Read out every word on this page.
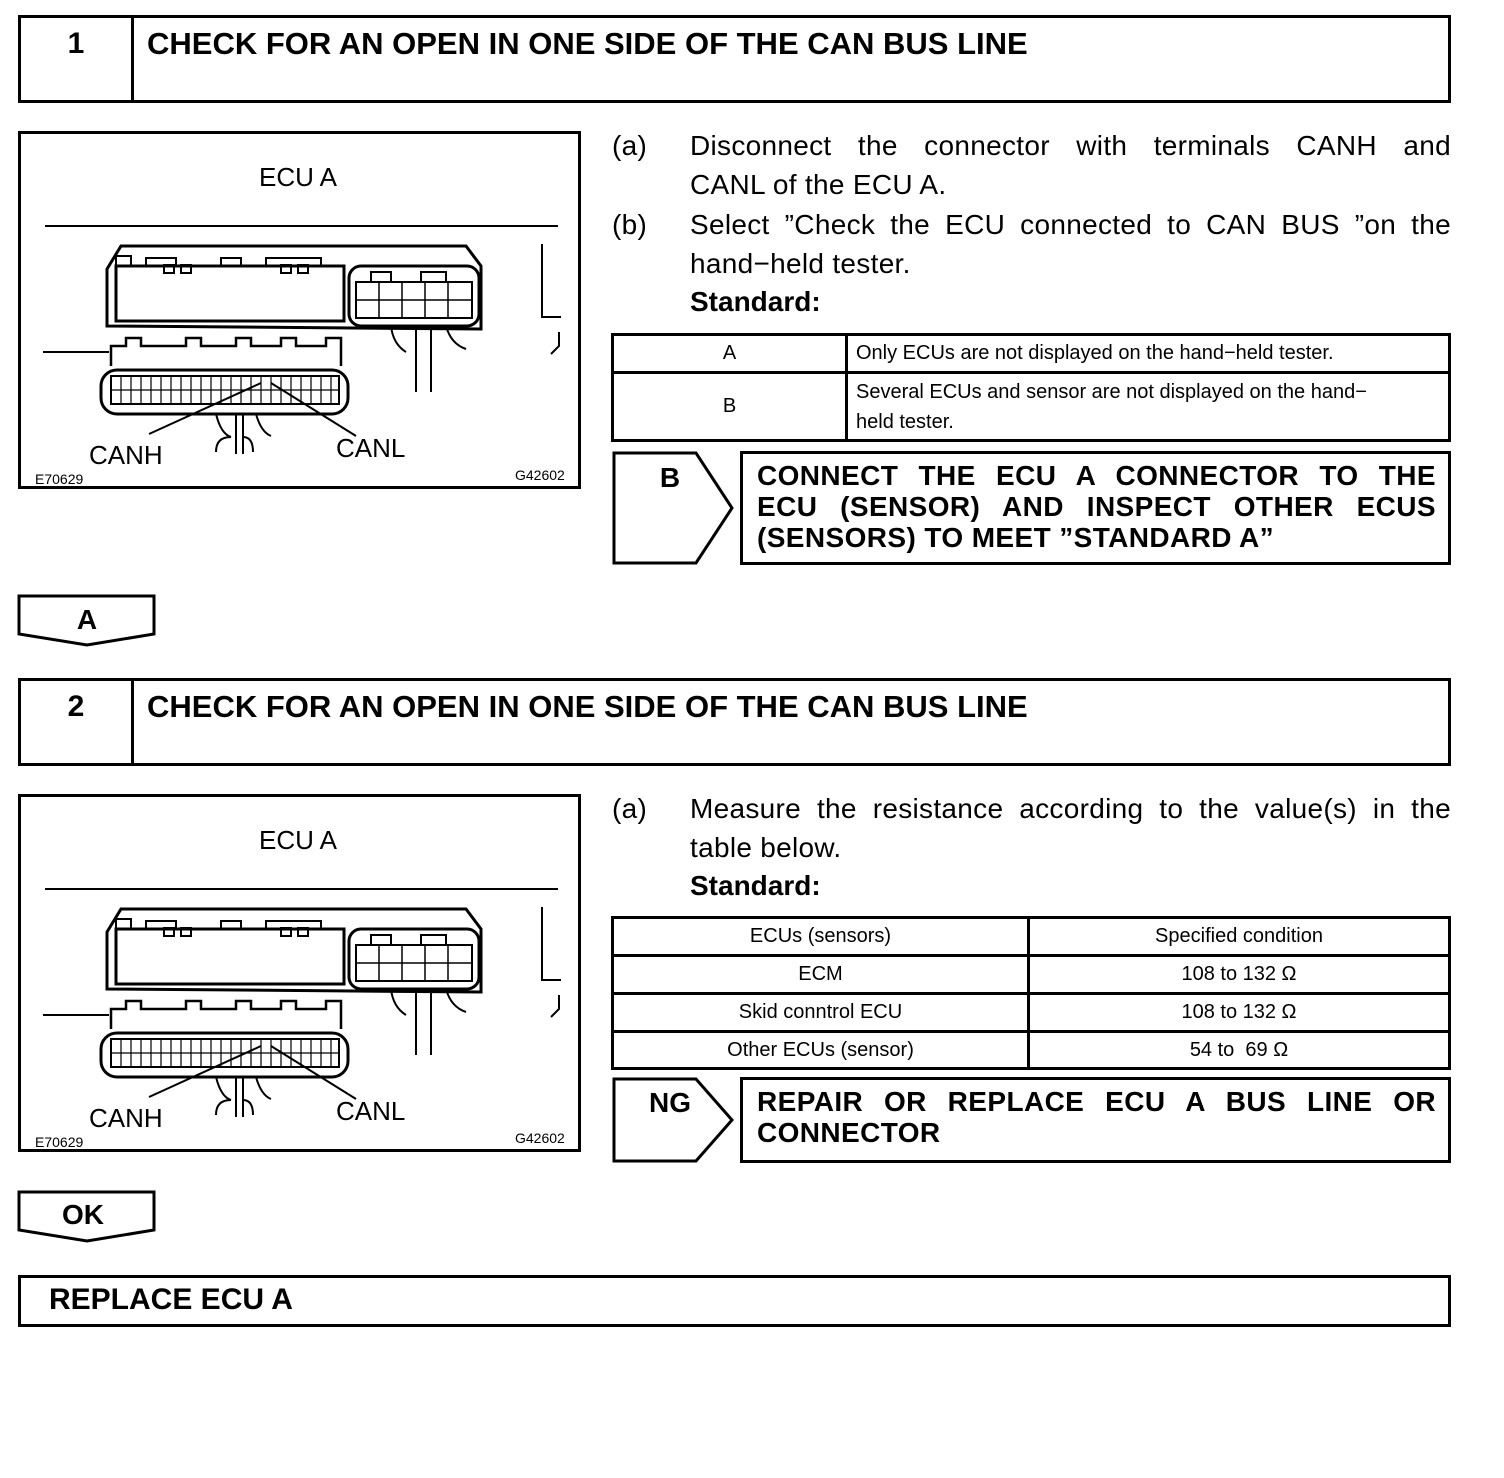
1	CHECK FOR AN OPEN IN ONE SIDE OF THE CAN BUS LINE
ECU A
CANH	CANL
E70629	G42602
(a) Disconnect the connector with terminals CANH and
CANL of the ECU A.
(b) Select ”Check the ECU connected to CAN BUS ”on the
hand−held tester.
Standard:
A	Only ECUs are not displayed on the hand−held tester.
B	Several ECUs and sensor are not displayed on the hand−
held tester.
B	CONNECT THE ECU A CONNECTOR TO THE
ECU (SENSOR) AND INSPECT OTHER ECUS
(SENSORS) TO MEET ”STANDARD A”
A
2	CHECK FOR AN OPEN IN ONE SIDE OF THE CAN BUS LINE
ECU A
CANH	CANL
E70629	G42602
(a) Measure the resistance according to the value(s) in the
table below.
Standard:
ECUs (sensors)	Specified condition
ECM	108 to 132 Ω
Skid conntrol ECU	108 to 132 Ω
Other ECUs (sensor)	54 to  69 Ω
NG	REPAIR OR REPLACE ECU A BUS LINE OR
CONNECTOR
OK
REPLACE ECU A
